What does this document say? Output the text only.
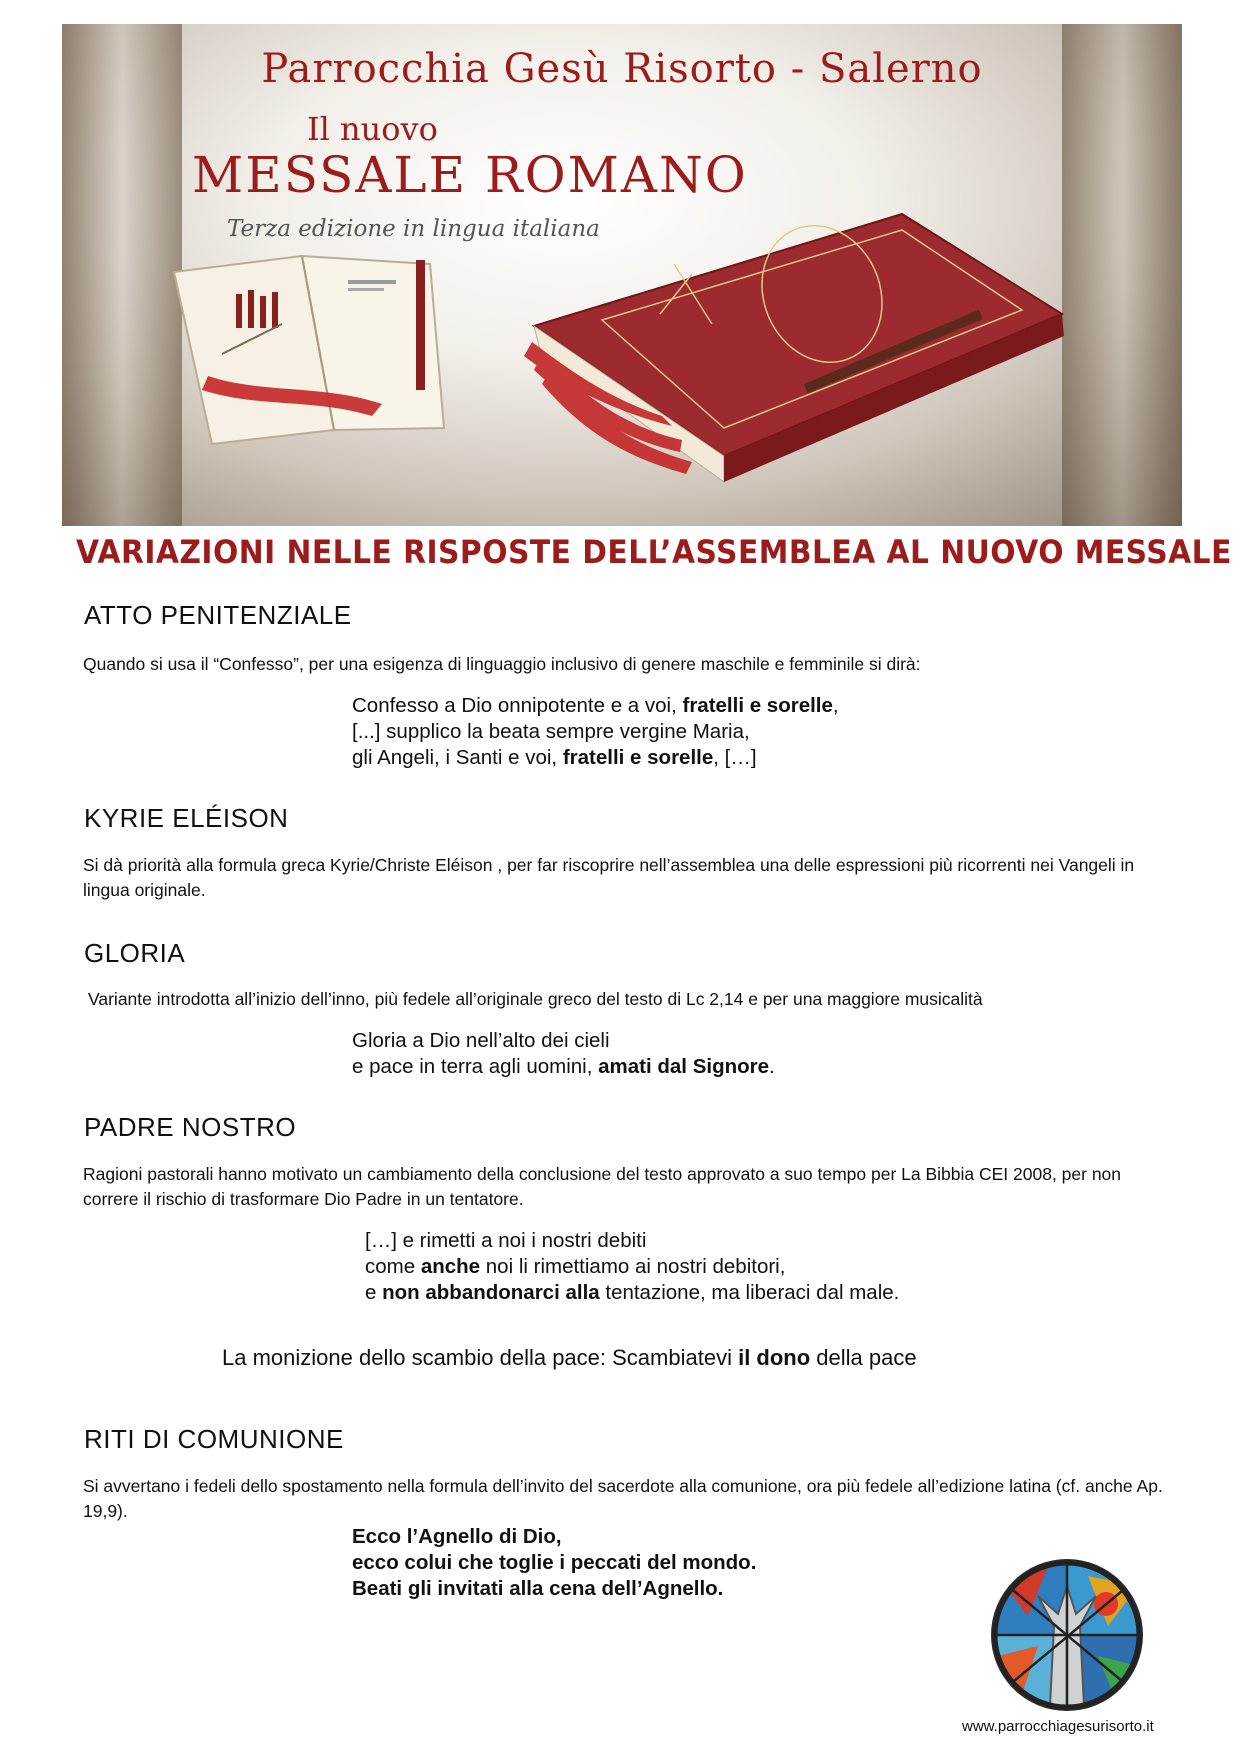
Parrocchia Gesù Risorto - Salerno
Il nuovo
MESSALE ROMANO
Terza edizione in lingua italiana
VARIAZIONI NELLE RISPOSTE DELL’ASSEMBLEA AL NUOVO MESSALE
ATTO PENITENZIALE
Quando si usa il “Confesso”, per una esigenza di linguaggio inclusivo di genere maschile e femminile si dirà:
Confesso a Dio onnipotente e a voi, fratelli e sorelle,
[...] supplico la beata sempre vergine Maria,
gli Angeli, i Santi e voi, fratelli e sorelle, […]
KYRIE ELÉISON
Si dà priorità alla formula greca Kyrie/Christe Eléison , per far riscoprire nell’assemblea una delle espressioni più ricorrenti nei Vangeli in lingua originale.
GLORIA
Variante introdotta all’inizio dell’inno, più fedele all’originale greco del testo di Lc 2,14 e per una maggiore musicalità
Gloria a Dio nell’alto dei cieli
e pace in terra agli uomini, amati dal Signore.
PADRE NOSTRO
Ragioni pastorali hanno motivato un cambiamento della conclusione del testo approvato a suo tempo per La Bibbia CEI 2008, per non correre il rischio di trasformare Dio Padre in un tentatore.
[…] e rimetti a noi i nostri debiti
come anche noi li rimettiamo ai nostri debitori,
e non abbandonarci alla tentazione, ma liberaci dal male.
La monizione dello scambio della pace: Scambiatevi il dono della pace
RITI DI COMUNIONE
Si avvertano i fedeli dello spostamento nella formula dell’invito del sacerdote alla comunione, ora più fedele all’edizione latina (cf. anche Ap. 19,9).
Ecco l’Agnello di Dio,
ecco colui che toglie i peccati del mondo.
Beati gli invitati alla cena dell’Agnello.
www.parrocchiagesurisorto.it
